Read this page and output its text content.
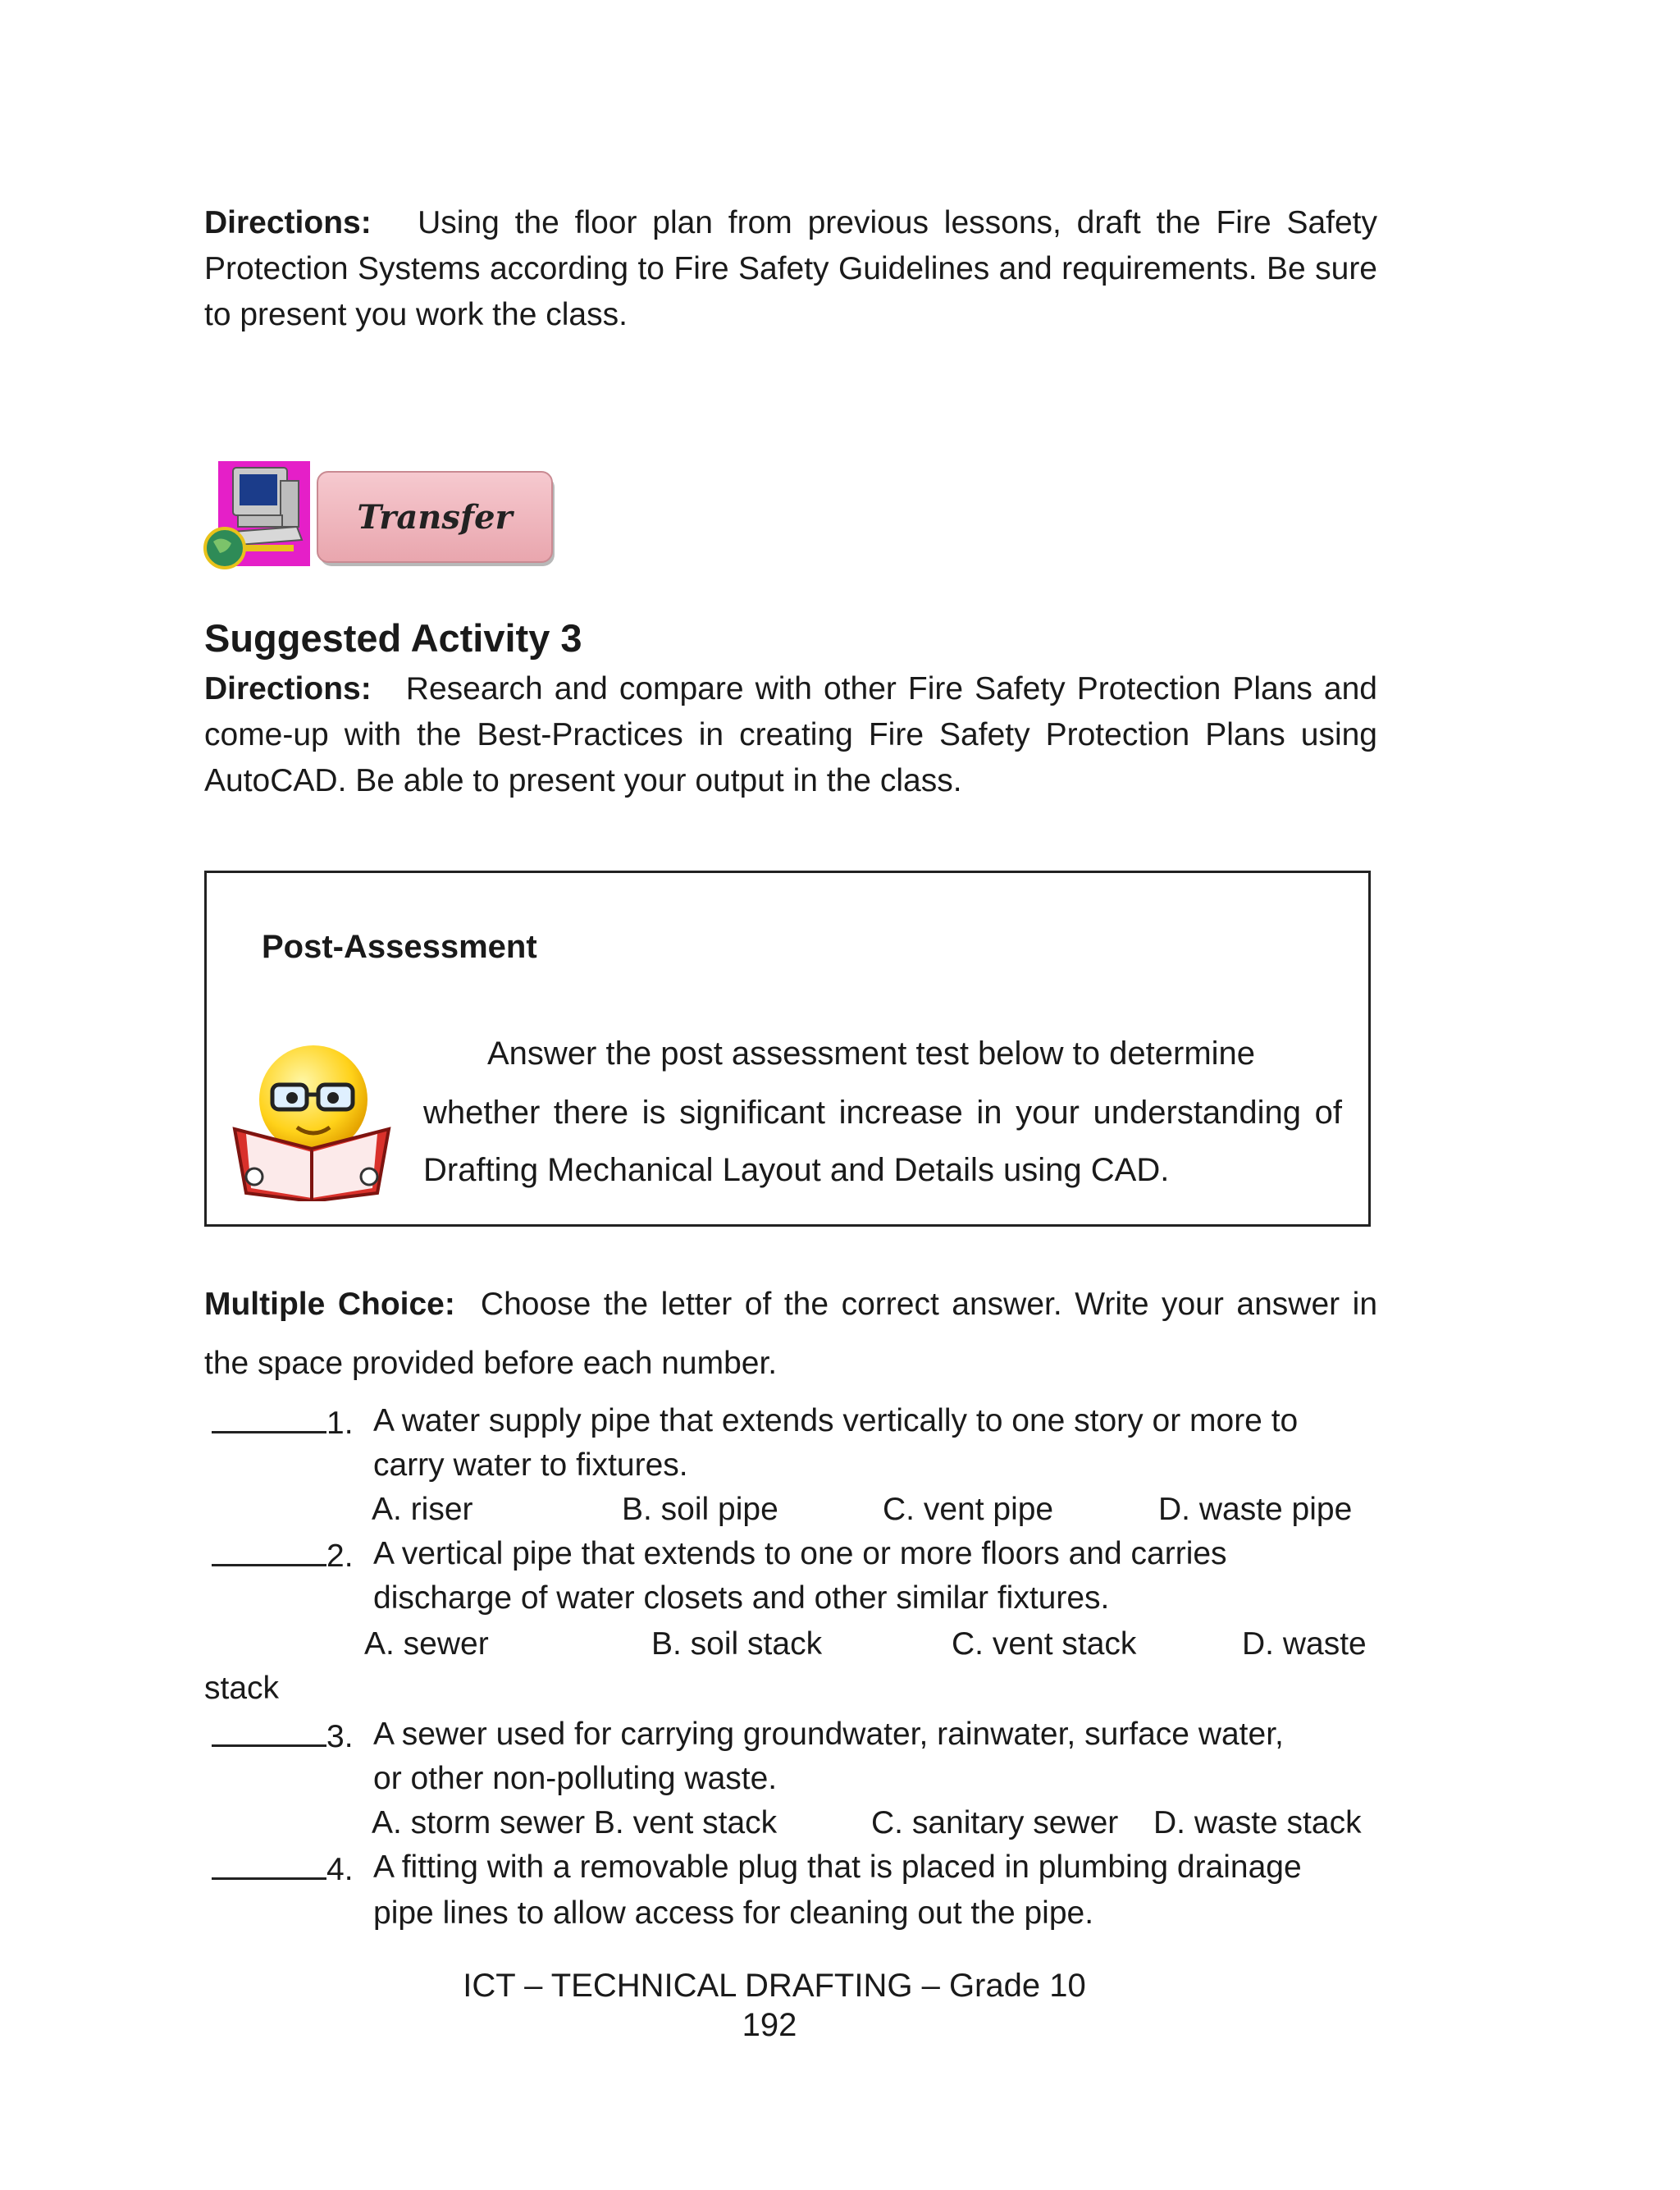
Directions: Using the floor plan from previous lessons, draft the Fire Safety Protection Systems according to Fire Safety Guidelines and requirements. Be sure to present you work the class.
Transfer
Suggested Activity 3
Directions: Research and compare with other Fire Safety Protection Plans and come-up with the Best-Practices in creating Fire Safety Protection Plans using AutoCAD. Be able to present your output in the class.
Post-Assessment
Answer the post assessment test below to determine
whether there is significant increase in your understanding of
Drafting Mechanical Layout and Details using CAD.
Multiple Choice: Choose the letter of the correct answer. Write your answer in the space provided before each number.
1. A water supply pipe that extends vertically to one story or more to
carry water to fixtures.
A. riser	B. soil pipe	C. vent pipe	D. waste pipe
2. A vertical pipe that extends to one or more floors and carries
discharge of water closets and other similar fixtures.
A. sewer	B. soil stack	C. vent stack	D. waste
stack
3. A sewer used for carrying groundwater, rainwater, surface water,
or other non-polluting waste.
A. storm sewer B. vent stack	C. sanitary sewer D. waste stack
4. A fitting with a removable plug that is placed in plumbing drainage
pipe lines to allow access for cleaning out the pipe.
ICT – TECHNICAL DRAFTING – Grade 10
192
